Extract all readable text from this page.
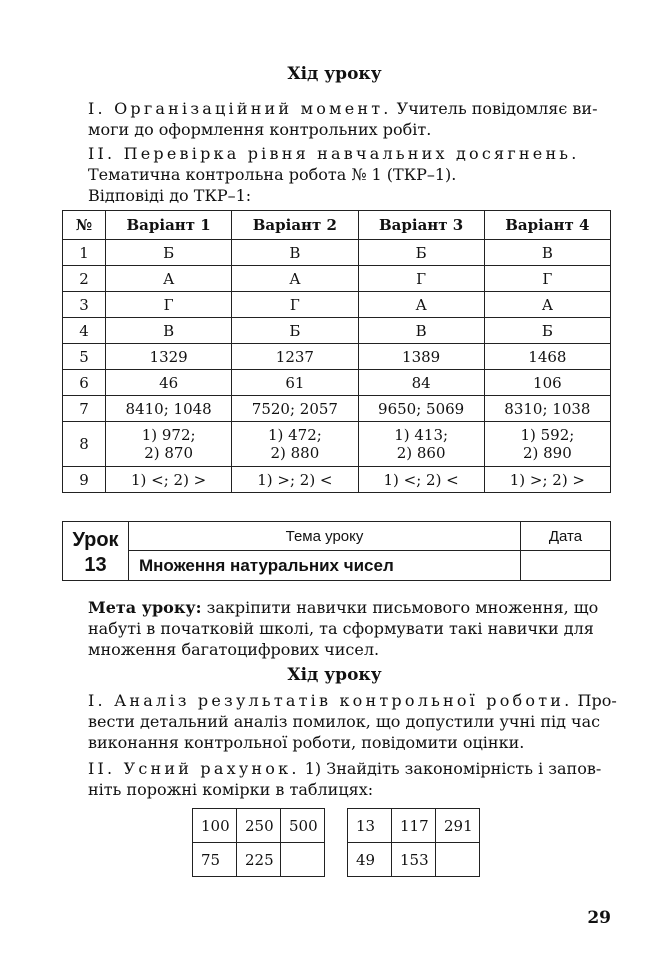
Хід уроку
I. Організаційний момент. Учитель повідомляє ви-
моги до оформлення контрольних робіт.
II. Перевірка рівня навчальних досягнень.
Тематична контрольна робота № 1 (ТКР–1).
Відповіді до ТКР–1:
№	Варіант 1	Варіант 2	Варіант 3	Варіант 4
1	Б	В	Б	В
2	А	А	Г	Г
3	Г	Г	А	А
4	В	Б	В	Б
5	1329	1237	1389	1468
6	46	61	84	106
7	8410; 1048	7520; 2057	9650; 5069	8310; 1038
8	1) 972;
2) 870	1) 472;
2) 880	1) 413;
2) 860	1) 592;
2) 890

9	1) <; 2) >	1) >; 2) <	1) <; 2) <	1) >; 2) >
Урок
13
Тема уроку	Дата
Множення натуральних чисел
Мета уроку: закріпити навички письмового множення, що
набуті в початковій школі, та сформувати такі навички для
множення багатоцифрових чисел.
Хід уроку
I. Аналіз результатів контрольної роботи. Про-
вести детальний аналіз помилок, що допустили учні під час
виконання контрольної роботи, повідомити оцінки.
II. Усний рахунок. 1) Знайдіть закономірність і запов-
ніть порожні комірки в таблицях:
100	250	500
75	225	
13	117	291
49	153	
29
